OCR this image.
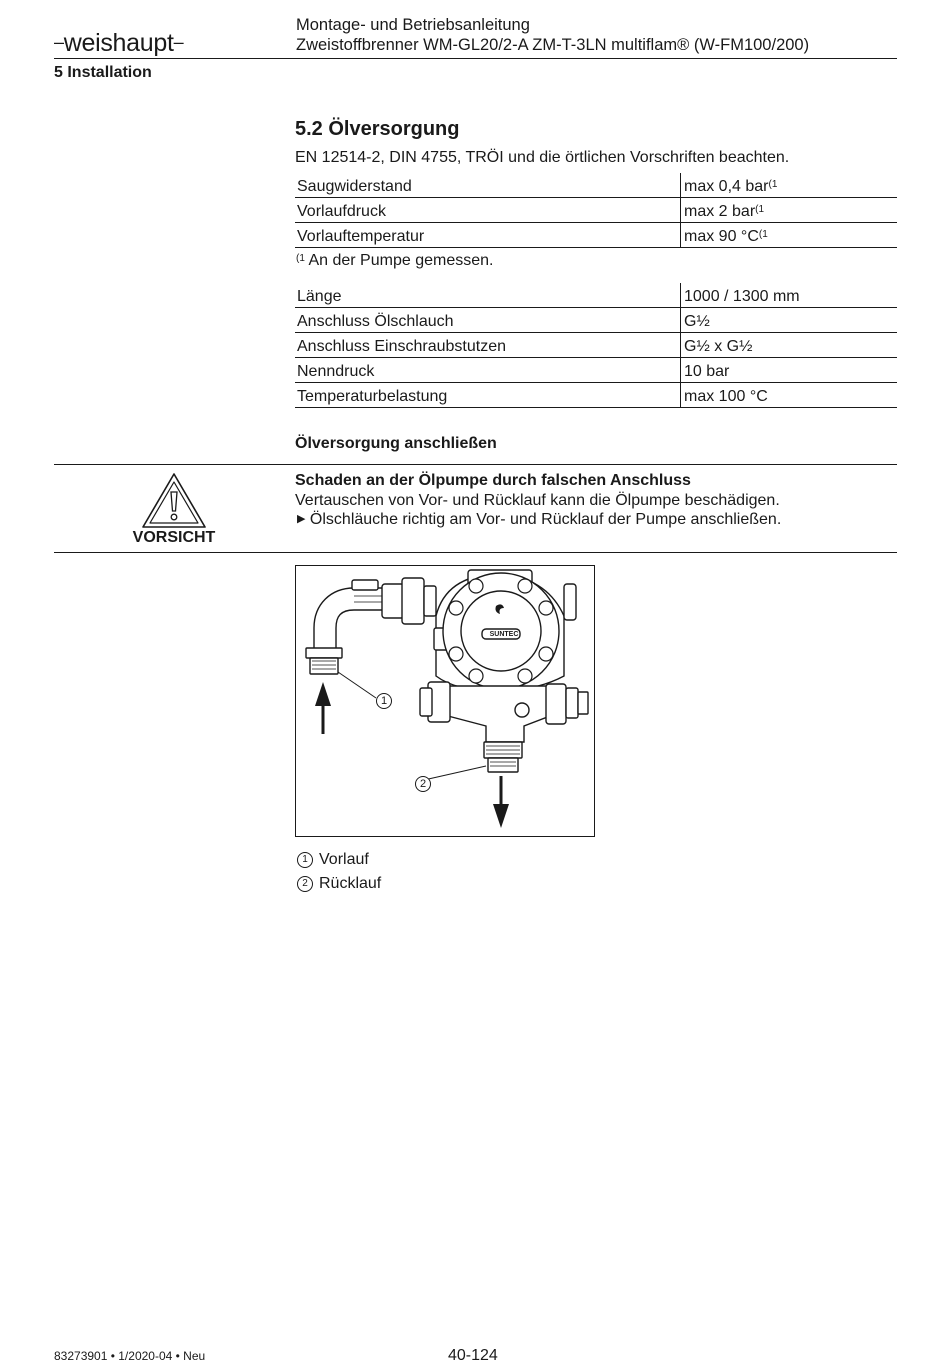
–weishaupt–
Montage- und Betriebsanleitung
Zweistoffbrenner WM-GL20/2-A ZM-T-3LN multiflam® (W-FM100/200)
5 Installation
5.2 Ölversorgung
EN 12514-2, DIN 4755, TRÖI und die örtlichen Vorschriften beachten.
Saugwiderstand	max 0,4 bar$^{(1}$
Vorlaufdruck	max 2 bar$^{(1}$
Vorlauftemperatur	max 90 $^\circ C^{(1}$
$^{(1}$ An der Pumpe gemessen.
Länge	1000 / 1300 mm
Anschluss Ölschlauch	G½
Anschluss Einschraubstutzen	G½ x G½
Nenndruck	10 bar
Temperaturbelastung	max 100 °C
Ölversorgung anschließen
VORSICHT
Schaden an der Ölpumpe durch falschen Anschluss
Vertauschen von Vor- und Rücklauf kann die Ölpumpe beschädigen.
▶ Ölschläuche richtig am Vor- und Rücklauf der Pumpe anschließen.
SUNTEC
1
2
1 Vorlauf
2 Rücklauf
83273901 • 1/2020-04 • Neu	40-124
